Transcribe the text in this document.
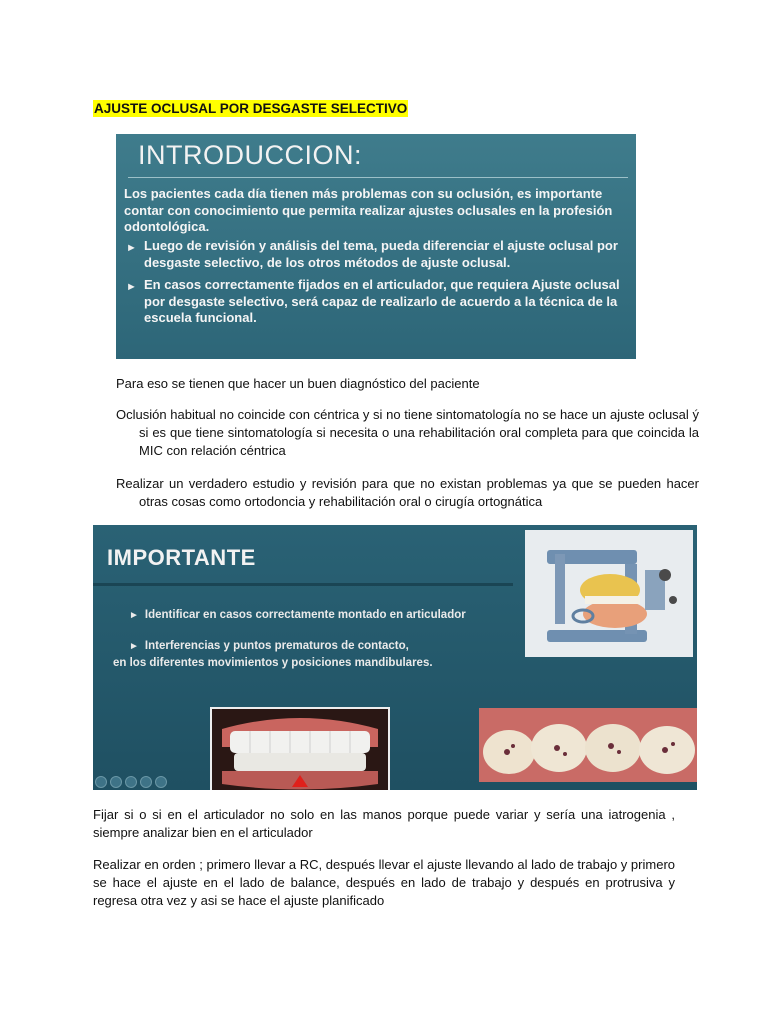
AJUSTE OCLUSAL POR DESGASTE SELECTIVO
INTRODUCCION:
Los pacientes cada día tienen más problemas con su oclusión, es importante contar con conocimiento que permita realizar ajustes oclusales en la profesión odontológica.
► Luego de revisión y análisis del tema, pueda diferenciar el ajuste oclusal por desgaste selectivo, de los otros métodos de ajuste oclusal.
► En casos correctamente fijados en el articulador, que requiera Ajuste oclusal por desgaste selectivo, será capaz de realizarlo de acuerdo a la técnica de la escuela funcional.
Para eso se tienen que hacer un buen diagnóstico del paciente
Oclusión habitual no coincide con céntrica y si no tiene sintomatología no se hace un ajuste oclusal ý si es que tiene sintomatología si necesita o una rehabilitación oral completa para que coincida la MIC con relación céntrica
Realizar un verdadero estudio y revisión para que no existan problemas ya que se pueden hacer otras cosas como ortodoncia y rehabilitación oral o cirugía ortognática
IMPORTANTE
► Identificar en casos correctamente montado en articulador
► Interferencias y puntos prematuros de contacto,
en los diferentes movimientos y posiciones mandibulares.
Fijar si o si en el articulador no solo en las manos porque puede variar y sería una iatrogenia , siempre analizar bien en el articulador
Realizar en orden ; primero llevar a RC, después llevar el ajuste llevando al lado de trabajo y primero se hace el ajuste en el lado de balance, después en lado de trabajo y después en protrusiva y regresa otra vez y asi se hace el ajuste planificado
